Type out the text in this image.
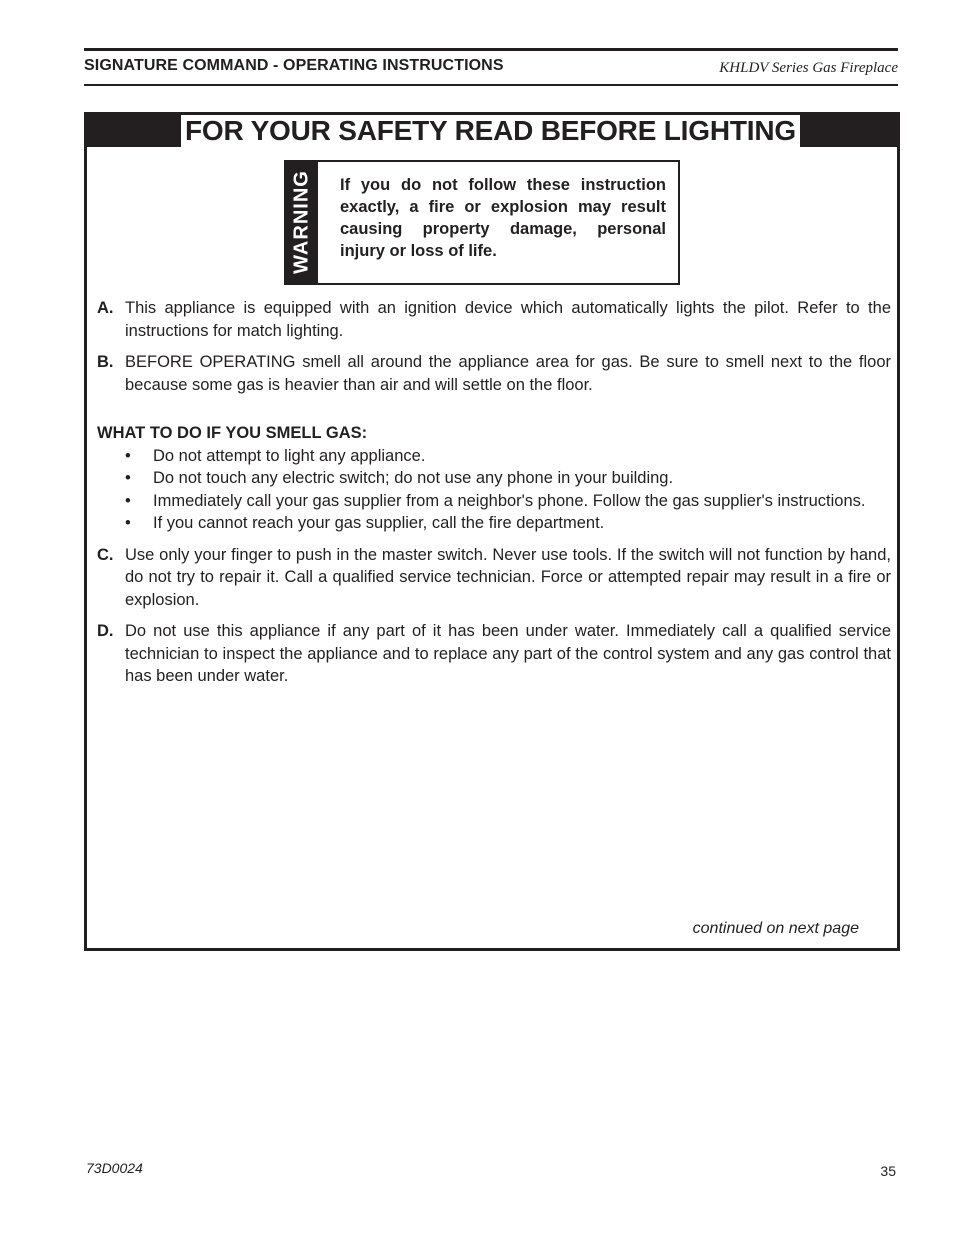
SIGNATURE COMMAND - OPERATING INSTRUCTIONS	KHLDV Series Gas Fireplace
FOR YOUR SAFETY READ BEFORE LIGHTING
WARNING If you do not follow these instruction exactly, a fire or explosion may result causing property damage, personal injury or loss of life.
A. This appliance is equipped with an ignition device which automatically lights the pilot. Refer to the instructions for match lighting.
B. BEFORE OPERATING smell all around the appliance area for gas. Be sure to smell next to the floor because some gas is heavier than air and will settle on the floor.
WHAT TO DO IF YOU SMELL GAS:
•	Do not attempt to light any appliance.
•	Do not touch any electric switch; do not use any phone in your building.
•	Immediately call your gas supplier from a neighbor's phone. Follow the gas supplier's instructions.
•	If you cannot reach your gas supplier, call the fire department.
C. Use only your finger to push in the master switch. Never use tools. If the switch will not function by hand, do not try to repair it. Call a qualified service technician. Force or attempted repair may result in a fire or explosion.
D. Do not use this appliance if any part of it has been under water. Immediately call a qualified service technician to inspect the appliance and to replace any part of the control system and any gas control that has been under water.
continued on next page
73D0024	35
